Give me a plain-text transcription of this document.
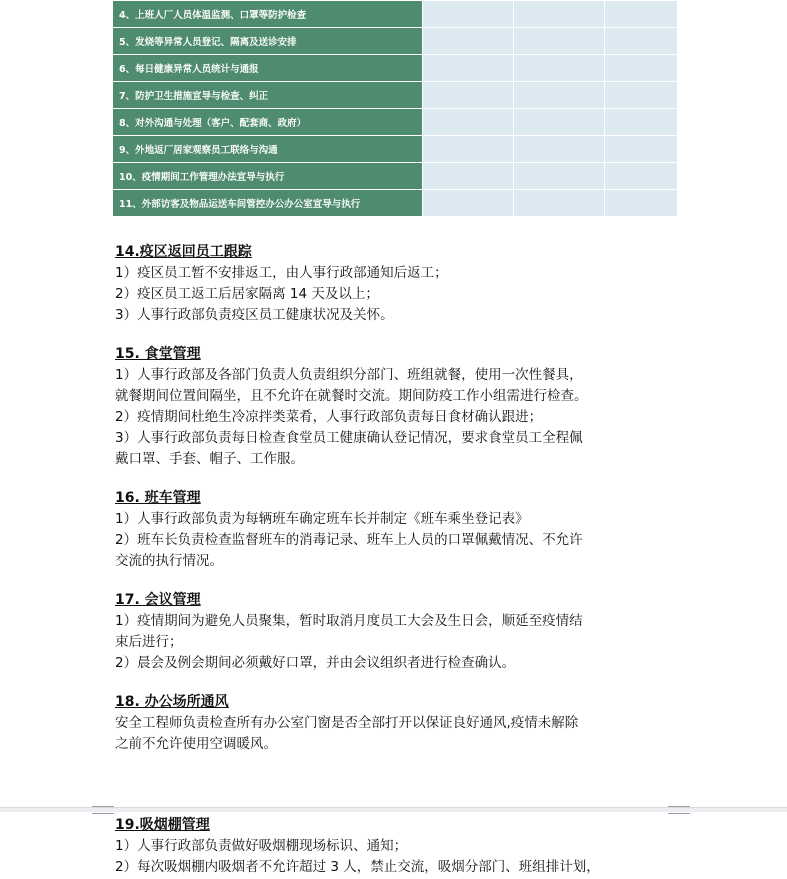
4、上班人厂人员体温监测、口罩等防护检查			
5、发烧等异常人员登记、隔离及送诊安排			
6、每日健康异常人员统计与通报			
7、防护卫生措施宣导与检查、纠正			
8、对外沟通与处理（客户、配套商、政府）			
9、外地返厂居家观察员工联络与沟通			
10、疫情期间工作管理办法宣导与执行			
11、外部访客及物品运送车间管控办公办公室宣导与执行			
14.疫区返回员工跟踪
1）疫区员工暂不安排返工，由人事行政部通知后返工；
2）疫区员工返工后居家隔离 14 天及以上；
3）人事行政部负责疫区员工健康状况及关怀。
15. 食堂管理
1）人事行政部及各部门负责人负责组织分部门、班组就餐，使用一次性餐具，
就餐期间位置间隔坐，且不允许在就餐时交流。期间防疫工作小组需进行检查。
2）疫情期间杜绝生冷凉拌类菜肴，人事行政部负责每日食材确认跟进；
3）人事行政部负责每日检查食堂员工健康确认登记情况，要求食堂员工全程佩
戴口罩、手套、帽子、工作服。
16. 班车管理
1）人事行政部负责为每辆班车确定班车长并制定《班车乘坐登记表》
2）班车长负责检查监督班车的消毒记录、班车上人员的口罩佩戴情况、不允许
交流的执行情况。
17. 会议管理
1）疫情期间为避免人员聚集，暂时取消月度员工大会及生日会，顺延至疫情结
束后进行；
2）晨会及例会期间必须戴好口罩，并由会议组织者进行检查确认。
18. 办公场所通风
安全工程师负责检查所有办公室门窗是否全部打开以保证良好通风,疫情未解除
之前不允许使用空调暖风。
19.吸烟棚管理
1）人事行政部负责做好吸烟棚现场标识、通知；
2）每次吸烟棚内吸烟者不允许超过 3 人，禁止交流，吸烟分部门、班组排计划，
